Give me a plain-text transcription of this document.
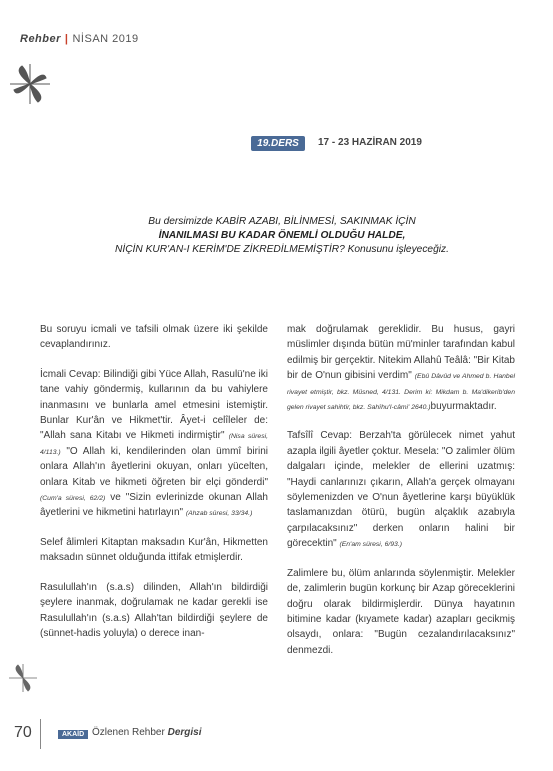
Rehber | NİSAN 2019
19.DERS	17 - 23 HAZİRAN 2019
Bu dersimizde KABİR AZABI, BİLİNMESİ, SAKINMAK İÇİN
İNANILMASI BU KADAR ÖNEMLİ OLDUĞU HALDE,
NİÇİN KUR'AN-I KERİM'DE ZİKREDİLMEMİŞTİR? Konusunu işleyeceğiz.

Bu soruyu icmali ve tafsili olmak üzere iki şekilde cevaplandırınız.

İcmali Cevap: Bilindiği gibi Yüce Allah, Rasulü'ne iki tane vahiy göndermiş, kullarının da bu vahiylere inanmasını ve bunlarla amel etmesini istemiştir. Bunlar Kur'ân ve Hikmet'tir. Âyet-i celîleler de: "Allah sana Kitabı ve Hikmeti indirmiştir" (Nisa süresi, 4/113.) "O Allah ki, kendilerinden olan ümmî birini onlara Allah'ın âyetlerini okuyan, onları yücelten, onlara Kitab ve hikmeti öğreten bir elçi gönderdi" (Cum'a süresi, 62/2) ve "Sizin evlerinizde okunan Allah âyetlerini ve hikmetini hatırlayın" (Ahzab süresi, 33/34.)

Selef âlimleri Kitaptan maksadın Kur'ân, Hikmetten maksadın sünnet olduğunda ittifak etmişlerdir.

Rasulullah'ın (s.a.s) dilinden, Allah'ın bildirdiği şeylere inanmak, doğrulamak ne kadar gerekli ise Rasulullah'ın (s.a.s) Allah'tan bildirdiği şeylere de (sünnet-hadis yoluyla) o derece inan-

mak doğrulamak gereklidir. Bu husus, gayri müslimler dışında bütün mü'minler tarafından kabul edilmiş bir gerçektir. Nitekim Allahû Teâlâ: "Bir Kitab bir de O'nun gibisini verdim" (Ebû Dâvûd ve Ahmed b. Hanbel rivayet etmiştir, bkz. Müsned, 4/131. Derim ki: Mikdam b. Ma'dikerib'den gelen rivayet sahihtir, bkz. Sahîhu'l-câmi' 2640.)buyurmaktadır.

Tafsîlî Cevap: Berzah'ta görülecek nimet yahut azapla ilgili âyetler çoktur. Mesela: "O zalimler ölüm dalgaları içinde, melekler de ellerini uzatmış: "Haydi canlarınızı çıkarın, Allah'a gerçek olmayanı söylemenizden ve O'nun âyetlerine karşı büyüklük taslamanızdan ötürü, bugün alçaklık azabıyla çarpılacaksınız" derken onların halini bir görecektin" (En'am süresi, 6/93.)

Zalimlere bu, ölüm anlarında söylenmiştir. Melekler de, zalimlerin bugün korkunç bir Azap göreceklerini doğru olarak bildirmişlerdir. Dünya hayatının bitimine kadar (kıyamete kadar) azapları gecikmiş olsaydı, onlara: "Bugün cezalandırılacaksınız" denmezdi.

70	AKAİD Özlenen Rehber Dergisi
